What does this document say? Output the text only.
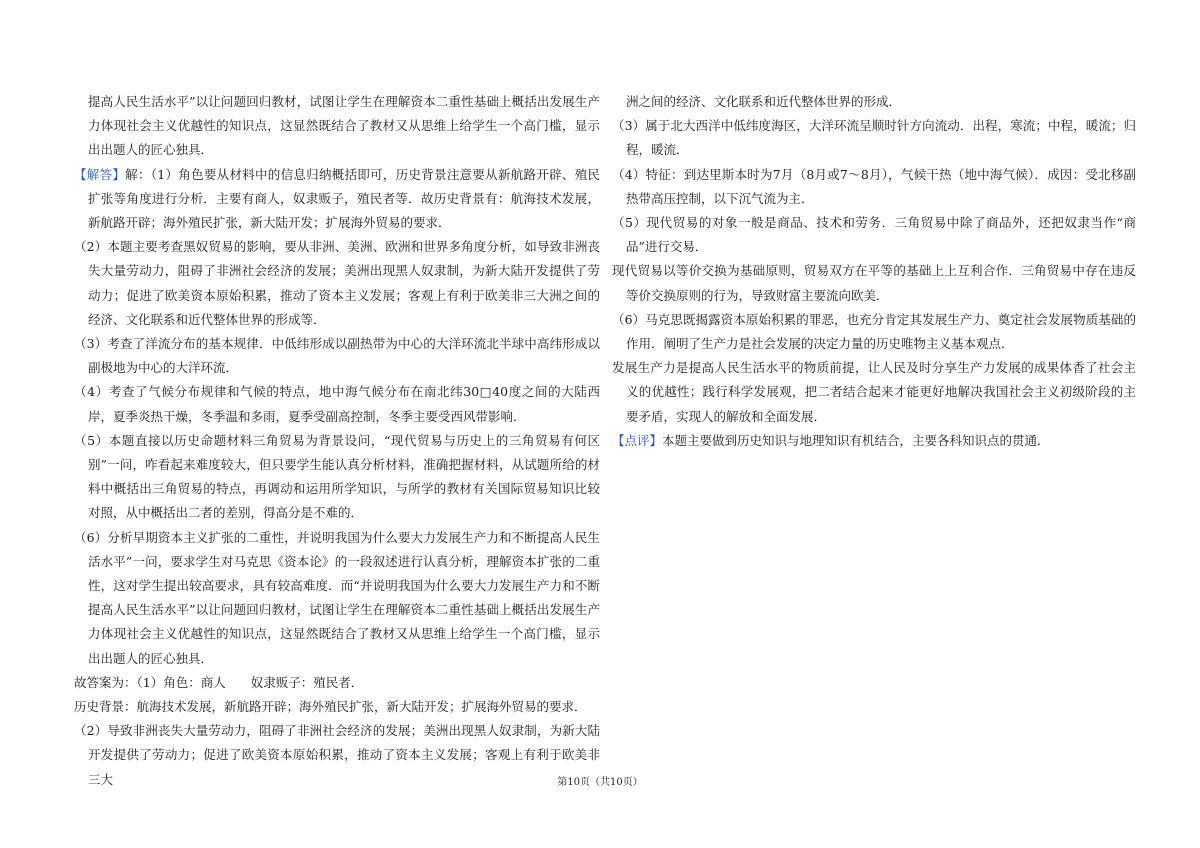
提高人民生活水平”以让问题回归教材，试图让学生在理解资本二重性基础上概括出发展生产力体现社会主义优越性的知识点，这显然既结合了教材又从思维上给学生一个高门槛，显示出出题人的匠心独具．

【解答】解：（1）角色要从材料中的信息归纳概括即可，历史背景注意要从新航路开辟、殖民扩张等角度进行分析．主要有商人，奴隶贩子，殖民者等．故历史背景有：航海技术发展，新航路开辟；海外殖民扩张，新大陆开发；扩展海外贸易的要求．

（2）本题主要考查黑奴贸易的影响，要从非洲、美洲、欧洲和世界多角度分析，如导致非洲丧失大量劳动力，阻碍了非洲社会经济的发展；美洲出现黑人奴隶制，为新大陆开发提供了劳动力；促进了欧美资本原始积累，推动了资本主义发展；客观上有利于欧美非三大洲之间的经济、文化联系和近代整体世界的形成等．

（3）考查了洋流分布的基本规律．中低纬形成以副热带为中心的大洋环流北半球中高纬形成以副极地为中心的大洋环流．

（4）考查了气候分布规律和气候的特点，地中海气候分布在南北纬30□40度之间的大陆西岸，夏季炎热干燥，冬季温和多雨，夏季受副高控制，冬季主要受西风带影响．

（5）本题直接以历史命题材料三角贸易为背景设问，“现代贸易与历史上的三角贸易有何区别”一问，咋看起来难度较大，但只要学生能认真分析材料，准确把握材料，从试题所给的材料中概括出三角贸易的特点，再调动和运用所学知识，与所学的教材有关国际贸易知识比较对照，从中概括出二者的差别，得高分是不难的．

（6）分析早期资本主义扩张的二重性，并说明我国为什么要大力发展生产力和不断提高人民生活水平”一问，要求学生对马克思《资本论》的一段叙述进行认真分析，理解资本扩张的二重性，这对学生提出较高要求，具有较高难度．而“并说明我国为什么要大力发展生产力和不断提高人民生活水平”以让问题回归教材，试图让学生在理解资本二重性基础上概括出发展生产力体现社会主义优越性的知识点，这显然既结合了教材又从思维上给学生一个高门槛，显示出出题人的匠心独具．

故答案为：（1）角色：商人　　奴隶贩子：殖民者．

历史背景：航海技术发展，新航路开辟；海外殖民扩张，新大陆开发；扩展海外贸易的要求．

（2）导致非洲丧失大量劳动力，阻碍了非洲社会经济的发展；美洲出现黑人奴隶制，为新大陆开发提供了劳动力；促进了欧美资本原始积累，推动了资本主义发展；客观上有利于欧美非三大

洲之间的经济、文化联系和近代整体世界的形成．

（3）属于北大西洋中低纬度海区，大洋环流呈顺时针方向流动．出程，寒流；中程，暖流；归程，暖流．

（4）特征：到达里斯本时为7月（8月或7～8月），气候干热（地中海气候）．成因：受北移副热带高压控制，以下沉气流为主．

（5）现代贸易的对象一般是商品、技术和劳务．三角贸易中除了商品外，还把奴隶当作“商品”进行交易．

现代贸易以等价交换为基础原则，贸易双方在平等的基础上上互利合作．三角贸易中存在违反等价交换原则的行为，导致财富主要流向欧美．

（6）马克思既揭露资本原始积累的罪恶，也充分肯定其发展生产力、奠定社会发展物质基础的作用．阐明了生产力是社会发展的决定力量的历史唯物主义基本观点．

发展生产力是提高人民生活水平的物质前提，让人民及时分享生产力发展的成果体香了社会主义的优越性；践行科学发展观，把二者结合起来才能更好地解决我国社会主义初级阶段的主要矛盾，实现人的解放和全面发展．

【点评】本题主要做到历史知识与地理知识有机结合，主要各科知识点的贯通．

第10页（共10页）
